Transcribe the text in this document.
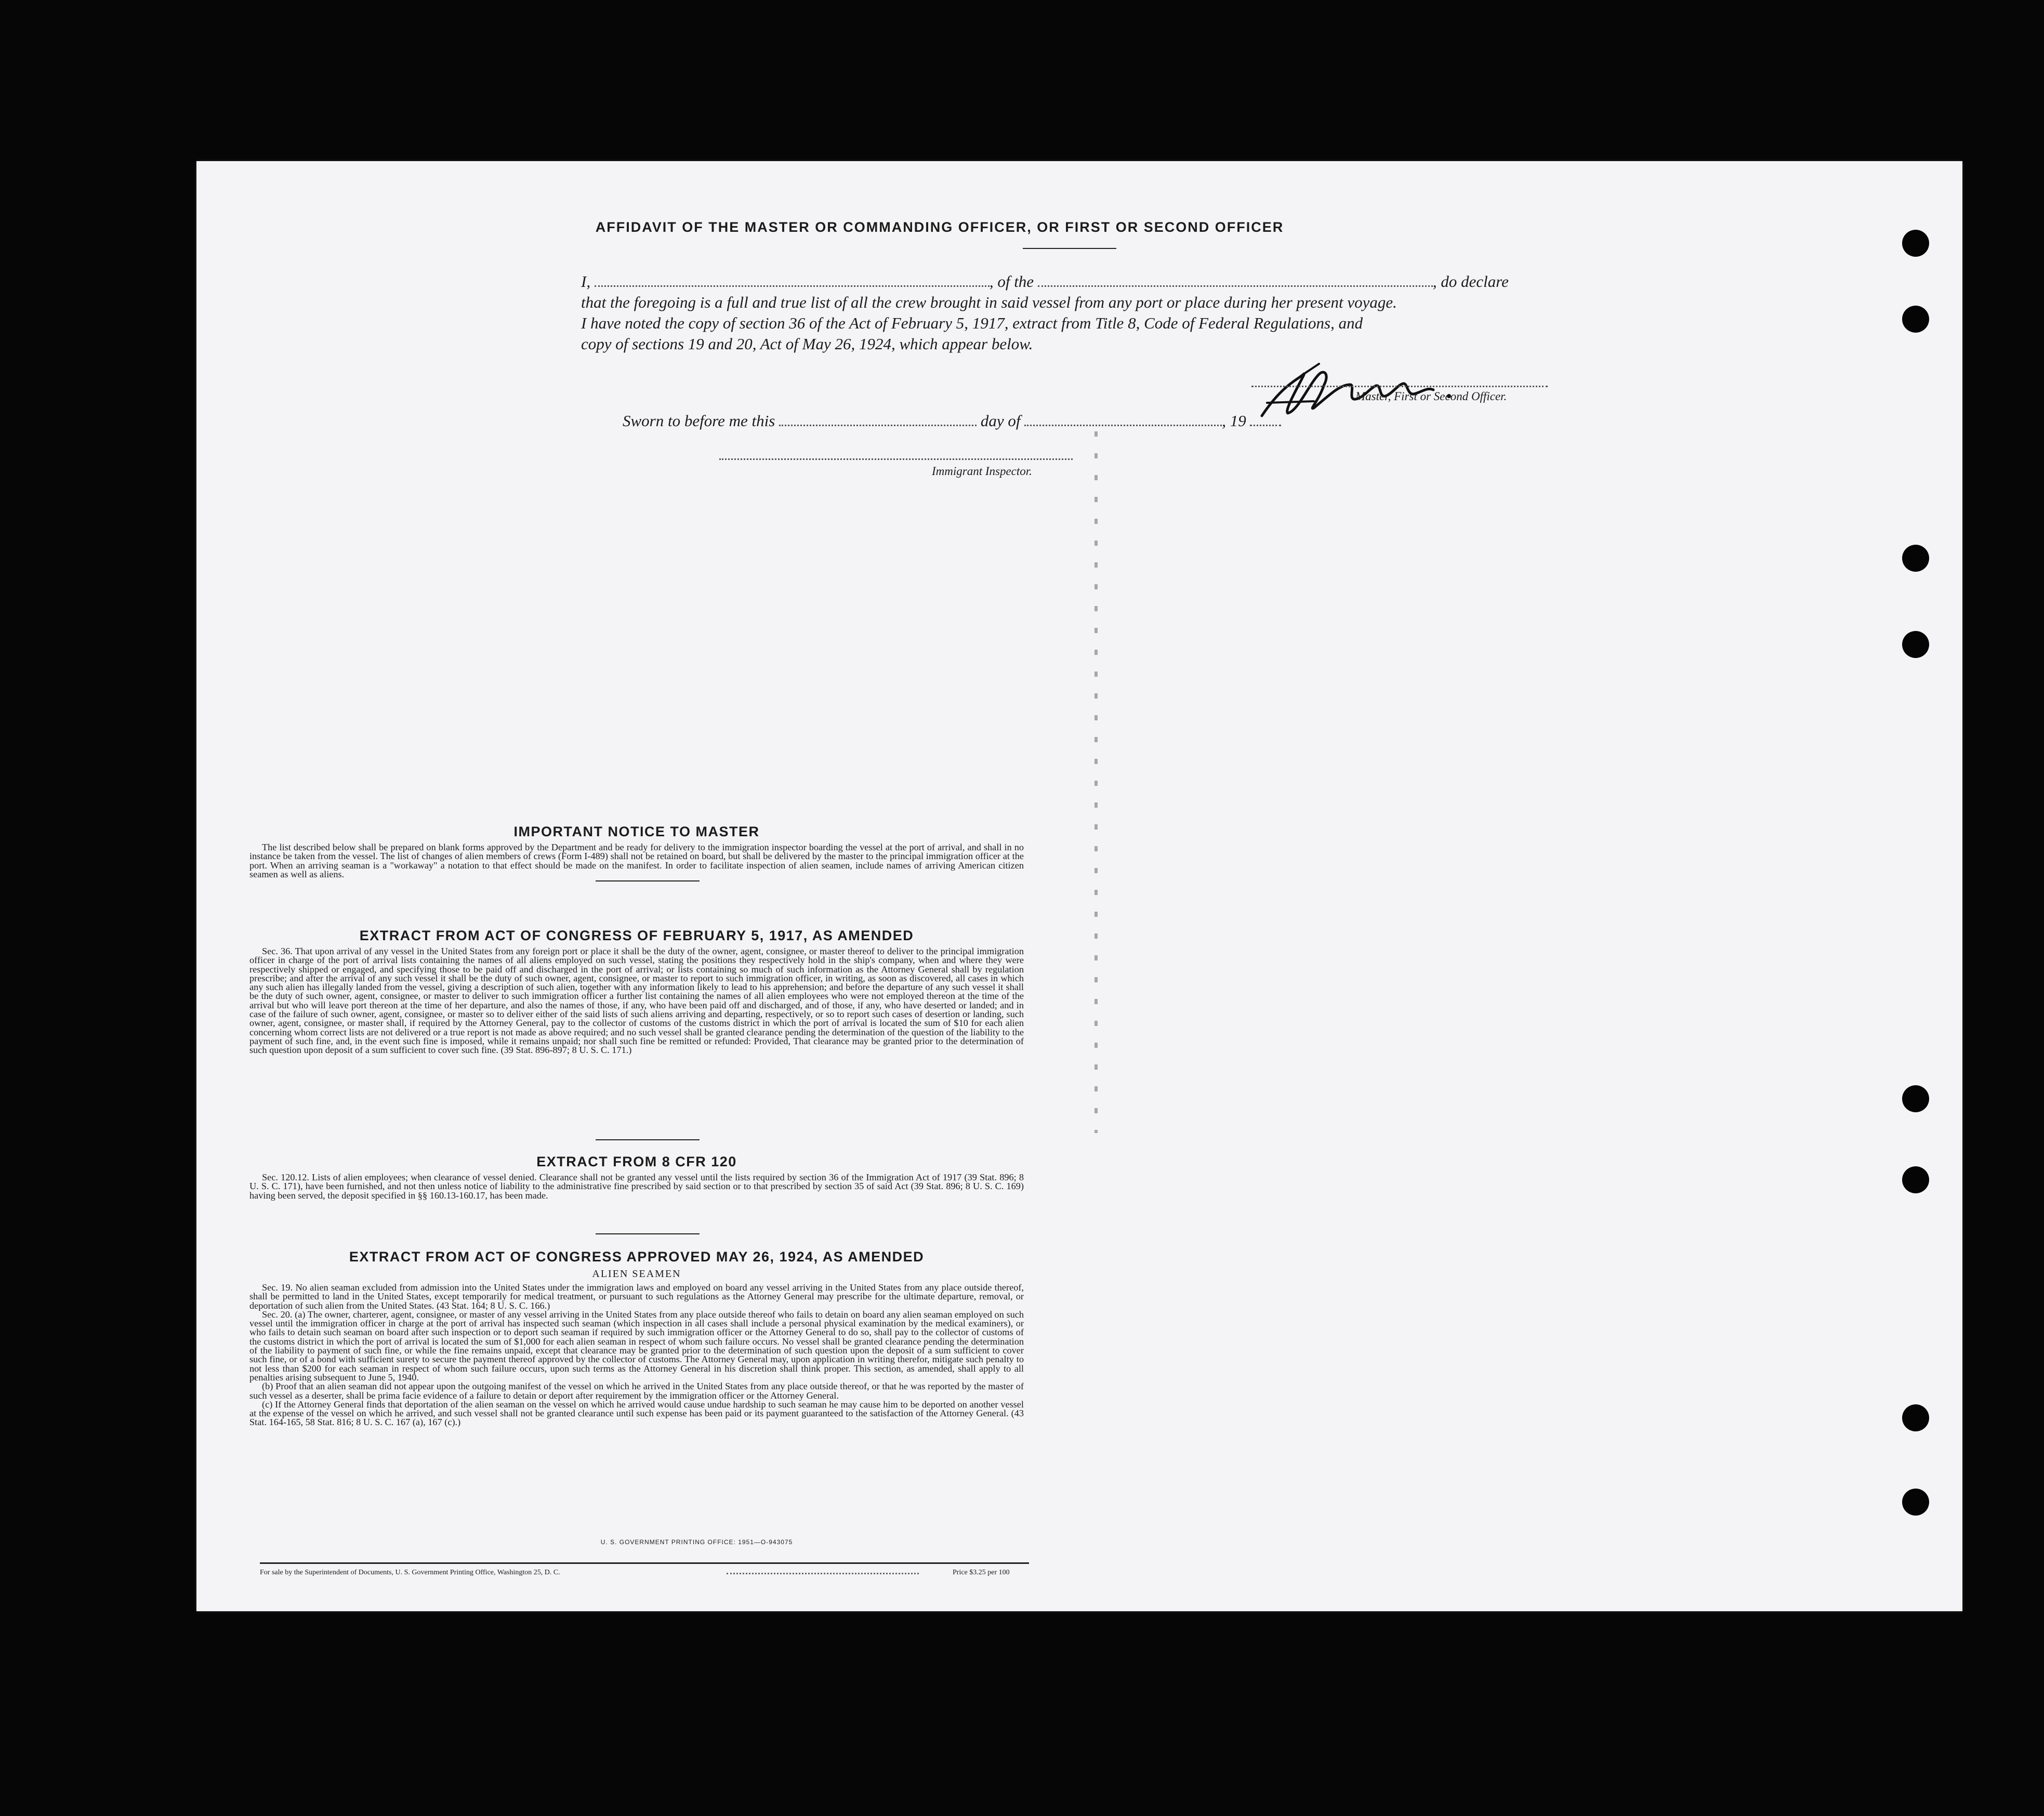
AFFIDAVIT OF THE MASTER OR COMMANDING OFFICER, OR FIRST OR SECOND OFFICER
I,	, of the	, do declare
that the foregoing is a full and true list of all the crew brought in said vessel from any port or place during her present voyage.
I have noted the copy of section 36 of the Act of February 5, 1917, extract from Title 8, Code of Federal Regulations, and
copy of sections 19 and 20, Act of May 26, 1924, which appear below.
Master, First or Second Officer.
Sworn to before me this	day of	, 19
Immigrant Inspector.
IMPORTANT NOTICE TO MASTER

The list described below shall be prepared on blank forms approved by the Department and be ready for delivery to the immigration inspector boarding the vessel at the port of arrival, and shall in no instance be taken from the vessel. The list of changes of alien members of crews (Form I-489) shall not be retained on board, but shall be delivered by the master to the principal immigration officer at the port. When an arriving seaman is a "workaway" a notation to that effect should be made on the manifest. In order to facilitate inspection of alien seamen, include names of arriving American citizen seamen as well as aliens.

EXTRACT FROM ACT OF CONGRESS OF FEBRUARY 5, 1917, AS AMENDED

Sec. 36. That upon arrival of any vessel in the United States from any foreign port or place it shall be the duty of the owner, agent, consignee, or master thereof to deliver to the principal immigration officer in charge of the port of arrival lists containing the names of all aliens employed on such vessel, stating the positions they respectively hold in the ship's company, when and where they were respectively shipped or engaged, and specifying those to be paid off and discharged in the port of arrival; or lists containing so much of such information as the Attorney General shall by regulation prescribe; and after the arrival of any such vessel it shall be the duty of such owner, agent, consignee, or master to report to such immigration officer, in writing, as soon as discovered, all cases in which any such alien has illegally landed from the vessel, giving a description of such alien, together with any information likely to lead to his apprehension; and before the departure of any such vessel it shall be the duty of such owner, agent, consignee, or master to deliver to such immigration officer a further list containing the names of all alien employees who were not employed thereon at the time of the arrival but who will leave port thereon at the time of her departure, and also the names of those, if any, who have been paid off and discharged, and of those, if any, who have deserted or landed; and in case of the failure of such owner, agent, consignee, or master so to deliver either of the said lists of such aliens arriving and departing, respectively, or so to report such cases of desertion or landing, such owner, agent, consignee, or master shall, if required by the Attorney General, pay to the collector of customs of the customs district in which the port of arrival is located the sum of $10 for each alien concerning whom correct lists are not delivered or a true report is not made as above required; and no such vessel shall be granted clearance pending the determination of the question of the liability to the payment of such fine, and, in the event such fine is imposed, while it remains unpaid; nor shall such fine be remitted or refunded: Provided, That clearance may be granted prior to the determination of such question upon deposit of a sum sufficient to cover such fine. (39 Stat. 896-897; 8 U. S. C. 171.)

EXTRACT FROM 8 CFR 120

Sec. 120.12. Lists of alien employees; when clearance of vessel denied. Clearance shall not be granted any vessel until the lists required by section 36 of the Immigration Act of 1917 (39 Stat. 896; 8 U. S. C. 171), have been furnished, and not then unless notice of liability to the administrative fine prescribed by said section or to that prescribed by section 35 of said Act (39 Stat. 896; 8 U. S. C. 169) having been served, the deposit specified in §§ 160.13-160.17, has been made.

EXTRACT FROM ACT OF CONGRESS APPROVED MAY 26, 1924, AS AMENDED
ALIEN SEAMEN

Sec. 19. No alien seaman excluded from admission into the United States under the immigration laws and employed on board any vessel arriving in the United States from any place outside thereof, shall be permitted to land in the United States, except temporarily for medical treatment, or pursuant to such regulations as the Attorney General may prescribe for the ultimate departure, removal, or deportation of such alien from the United States. (43 Stat. 164; 8 U. S. C. 166.)

Sec. 20. (a) The owner, charterer, agent, consignee, or master of any vessel arriving in the United States from any place outside thereof who fails to detain on board any alien seaman employed on such vessel until the immigration officer in charge at the port of arrival has inspected such seaman (which inspection in all cases shall include a personal physical examination by the medical examiners), or who fails to detain such seaman on board after such inspection or to deport such seaman if required by such immigration officer or the Attorney General to do so, shall pay to the collector of customs of the customs district in which the port of arrival is located the sum of $1,000 for each alien seaman in respect of whom such failure occurs. No vessel shall be granted clearance pending the determination of the liability to payment of such fine, or while the fine remains unpaid, except that clearance may be granted prior to the determination of such question upon the deposit of a sum sufficient to cover such fine, or of a bond with sufficient surety to secure the payment thereof approved by the collector of customs. The Attorney General may, upon application in writing therefor, mitigate such penalty to not less than $200 for each seaman in respect of whom such failure occurs, upon such terms as the Attorney General in his discretion shall think proper. This section, as amended, shall apply to all penalties arising subsequent to June 5, 1940.

(b) Proof that an alien seaman did not appear upon the outgoing manifest of the vessel on which he arrived in the United States from any place outside thereof, or that he was reported by the master of such vessel as a deserter, shall be prima facie evidence of a failure to detain or deport after requirement by the immigration officer or the Attorney General.

(c) If the Attorney General finds that deportation of the alien seaman on the vessel on which he arrived would cause undue hardship to such seaman he may cause him to be deported on another vessel at the expense of the vessel on which he arrived, and such vessel shall not be granted clearance until such expense has been paid or its payment guaranteed to the satisfaction of the Attorney General. (43 Stat. 164-165, 58 Stat. 816; 8 U. S. C. 167 (a), 167 (c).)

U. S. GOVERNMENT PRINTING OFFICE: 1951—O-943075
For sale by the Superintendent of Documents, U. S. Government Printing Office, Washington 25, D. C.	Price $3.25 per 100
